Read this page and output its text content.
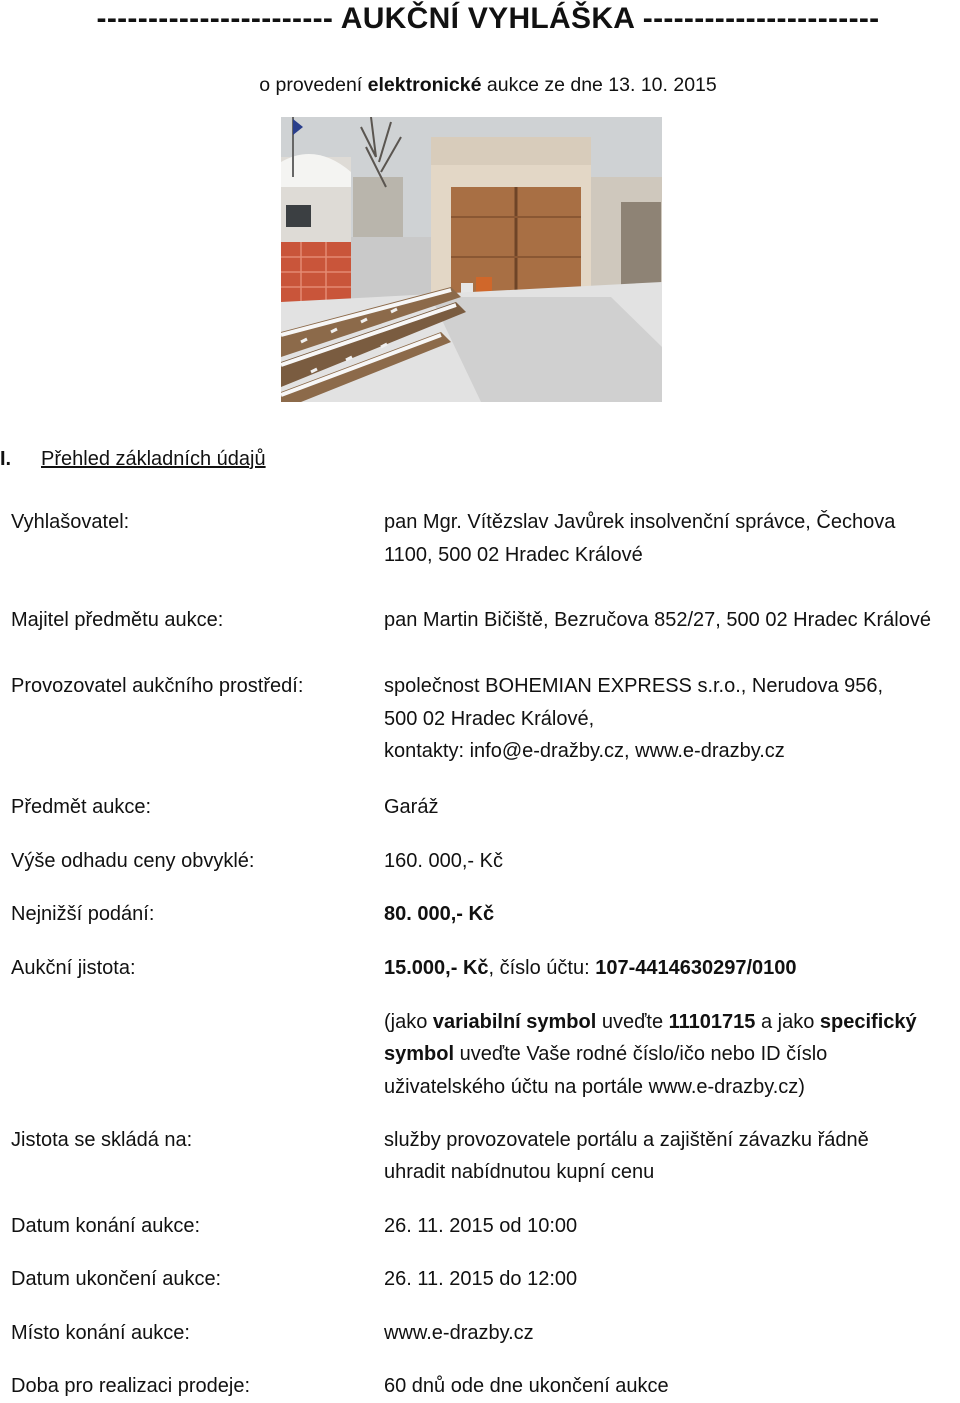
----------------------- AUKČNÍ VYHLÁŠKA -----------------------
o provedení elektronické aukce ze dne 13. 10. 2015
I. Přehled základních údajů
Vyhlašovatel:	pan Mgr. Vítězslav Javůrek insolvenční správce, Čechova
1100, 500 02 Hradec Králové
Majitel předmětu aukce:	pan Martin Bičiště, Bezručova 852/27, 500 02 Hradec Králové
Provozovatel aukčního prostředí:	společnost BOHEMIAN EXPRESS s.r.o., Nerudova 956,
500 02 Hradec Králové,
kontakty: info@e-dražby.cz, www.e-drazby.cz
Předmět aukce:	Garáž
Výše odhadu ceny obvyklé:	160. 000,- Kč
Nejnižší podání:	80. 000,- Kč
Aukční jistota:	15.000,- Kč, číslo účtu: 107-4414630297/0100
(jako variabilní symbol uveďte 11101715 a jako specifický
symbol uveďte Vaše rodné číslo/ičo nebo ID číslo
uživatelského účtu na portále www.e-drazby.cz)
Jistota se skládá na:	služby provozovatele portálu a zajištění závazku řádně
uhradit nabídnutou kupní cenu
Datum konání aukce:	26. 11. 2015 od 10:00
Datum ukončení aukce:	26. 11. 2015 do 12:00
Místo konání aukce:	www.e-drazby.cz
Doba pro realizaci prodeje:	60 dnů ode dne ukončení aukce
